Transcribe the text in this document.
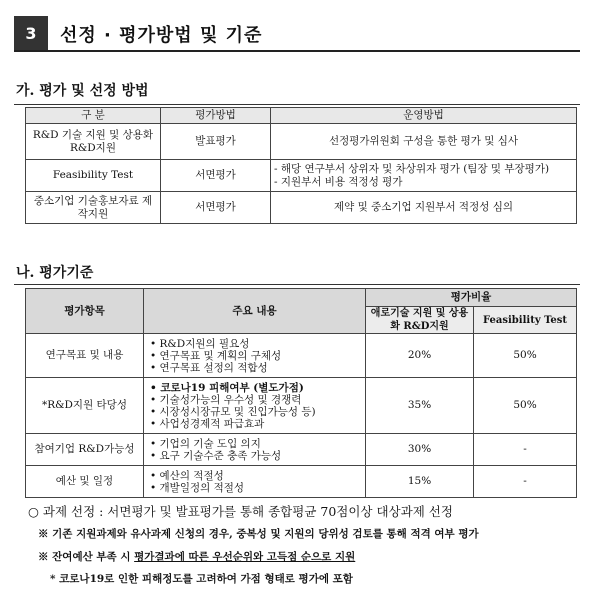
3	선정 · 평가방법 및 기준
가. 평가 및 선정 방법
구 분	평가방법	운영방법
R&D 기술 지원 및 상용화 R&D지원	발표평가	선정평가위원회 구성을 통한 평가 및 심사
Feasibility Test	서면평가	- 해당 연구부서 상위자 및 차상위자 평가 (팀장 및 부장평가)
- 지원부서 비용 적정성 평가

중소기업 기술홍보자료 제작지원	서면평가	제약 및 중소기업 지원부서 적정성 심의
나. 평가기준
평가항목	주요 내용	평가비율	
		애로기술 지원 및 상용화 R&D지원	Feasibility Test
연구목표 및 내용	• R&D지원의 필요성
• 연구목표 및 계획의 구체성
• 연구목표 설정의 적합성	20%	50%
*R&D지원 타당성	• 코로나19 피해여부 (별도가점)
• 기술성가능의 우수성 및 경쟁력
• 시장성시장규모 및 진입가능성 등)
• 사업성경제적 파급효과	35%	50%
참여기업 R&D가능성	• 기업의 기술 도입 의지
• 요구 기술수준 충족 가능성	30%	-
예산 및 일정	• 예산의 적절성
• 개발일정의 적절성	15%	-
○ 과제 선정 : 서면평가 및 발표평가를 통해 종합평균 70점이상 대상과제 선정
※ 기존 지원과제와 유사과제 신청의 경우, 중복성 및 지원의 당위성 검토를 통해 적격 여부 평가
※ 잔여예산 부족 시 평가결과에 따른 우선순위와 고득점 순으로 지원
* 코로나19로 인한 피해정도를 고려하여 가점 형태로 평가에 포함
